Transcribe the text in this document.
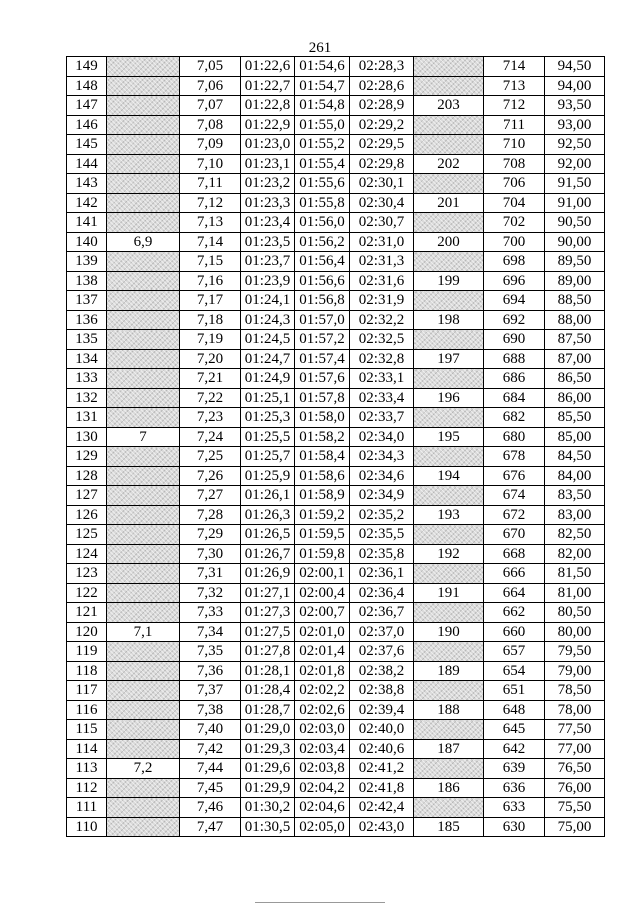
261
149		7,05	01:22,6	01:54,6	02:28,3		714	94,50
148		7,06	01:22,7	01:54,7	02:28,6		713	94,00
147		7,07	01:22,8	01:54,8	02:28,9	203	712	93,50
146		7,08	01:22,9	01:55,0	02:29,2		711	93,00
145		7,09	01:23,0	01:55,2	02:29,5		710	92,50
144		7,10	01:23,1	01:55,4	02:29,8	202	708	92,00
143		7,11	01:23,2	01:55,6	02:30,1		706	91,50
142		7,12	01:23,3	01:55,8	02:30,4	201	704	91,00
141		7,13	01:23,4	01:56,0	02:30,7		702	90,50
140	6,9	7,14	01:23,5	01:56,2	02:31,0	200	700	90,00
139		7,15	01:23,7	01:56,4	02:31,3		698	89,50
138		7,16	01:23,9	01:56,6	02:31,6	199	696	89,00
137		7,17	01:24,1	01:56,8	02:31,9		694	88,50
136		7,18	01:24,3	01:57,0	02:32,2	198	692	88,00
135		7,19	01:24,5	01:57,2	02:32,5		690	87,50
134		7,20	01:24,7	01:57,4	02:32,8	197	688	87,00
133		7,21	01:24,9	01:57,6	02:33,1		686	86,50
132		7,22	01:25,1	01:57,8	02:33,4	196	684	86,00
131		7,23	01:25,3	01:58,0	02:33,7		682	85,50
130	7	7,24	01:25,5	01:58,2	02:34,0	195	680	85,00
129		7,25	01:25,7	01:58,4	02:34,3		678	84,50
128		7,26	01:25,9	01:58,6	02:34,6	194	676	84,00
127		7,27	01:26,1	01:58,9	02:34,9		674	83,50
126		7,28	01:26,3	01:59,2	02:35,2	193	672	83,00
125		7,29	01:26,5	01:59,5	02:35,5		670	82,50
124		7,30	01:26,7	01:59,8	02:35,8	192	668	82,00
123		7,31	01:26,9	02:00,1	02:36,1		666	81,50
122		7,32	01:27,1	02:00,4	02:36,4	191	664	81,00
121		7,33	01:27,3	02:00,7	02:36,7		662	80,50
120	7,1	7,34	01:27,5	02:01,0	02:37,0	190	660	80,00
119		7,35	01:27,8	02:01,4	02:37,6		657	79,50
118		7,36	01:28,1	02:01,8	02:38,2	189	654	79,00
117		7,37	01:28,4	02:02,2	02:38,8		651	78,50
116		7,38	01:28,7	02:02,6	02:39,4	188	648	78,00
115		7,40	01:29,0	02:03,0	02:40,0		645	77,50
114		7,42	01:29,3	02:03,4	02:40,6	187	642	77,00
113	7,2	7,44	01:29,6	02:03,8	02:41,2		639	76,50
112		7,45	01:29,9	02:04,2	02:41,8	186	636	76,00
111		7,46	01:30,2	02:04,6	02:42,4		633	75,50
110		7,47	01:30,5	02:05,0	02:43,0	185	630	75,00
